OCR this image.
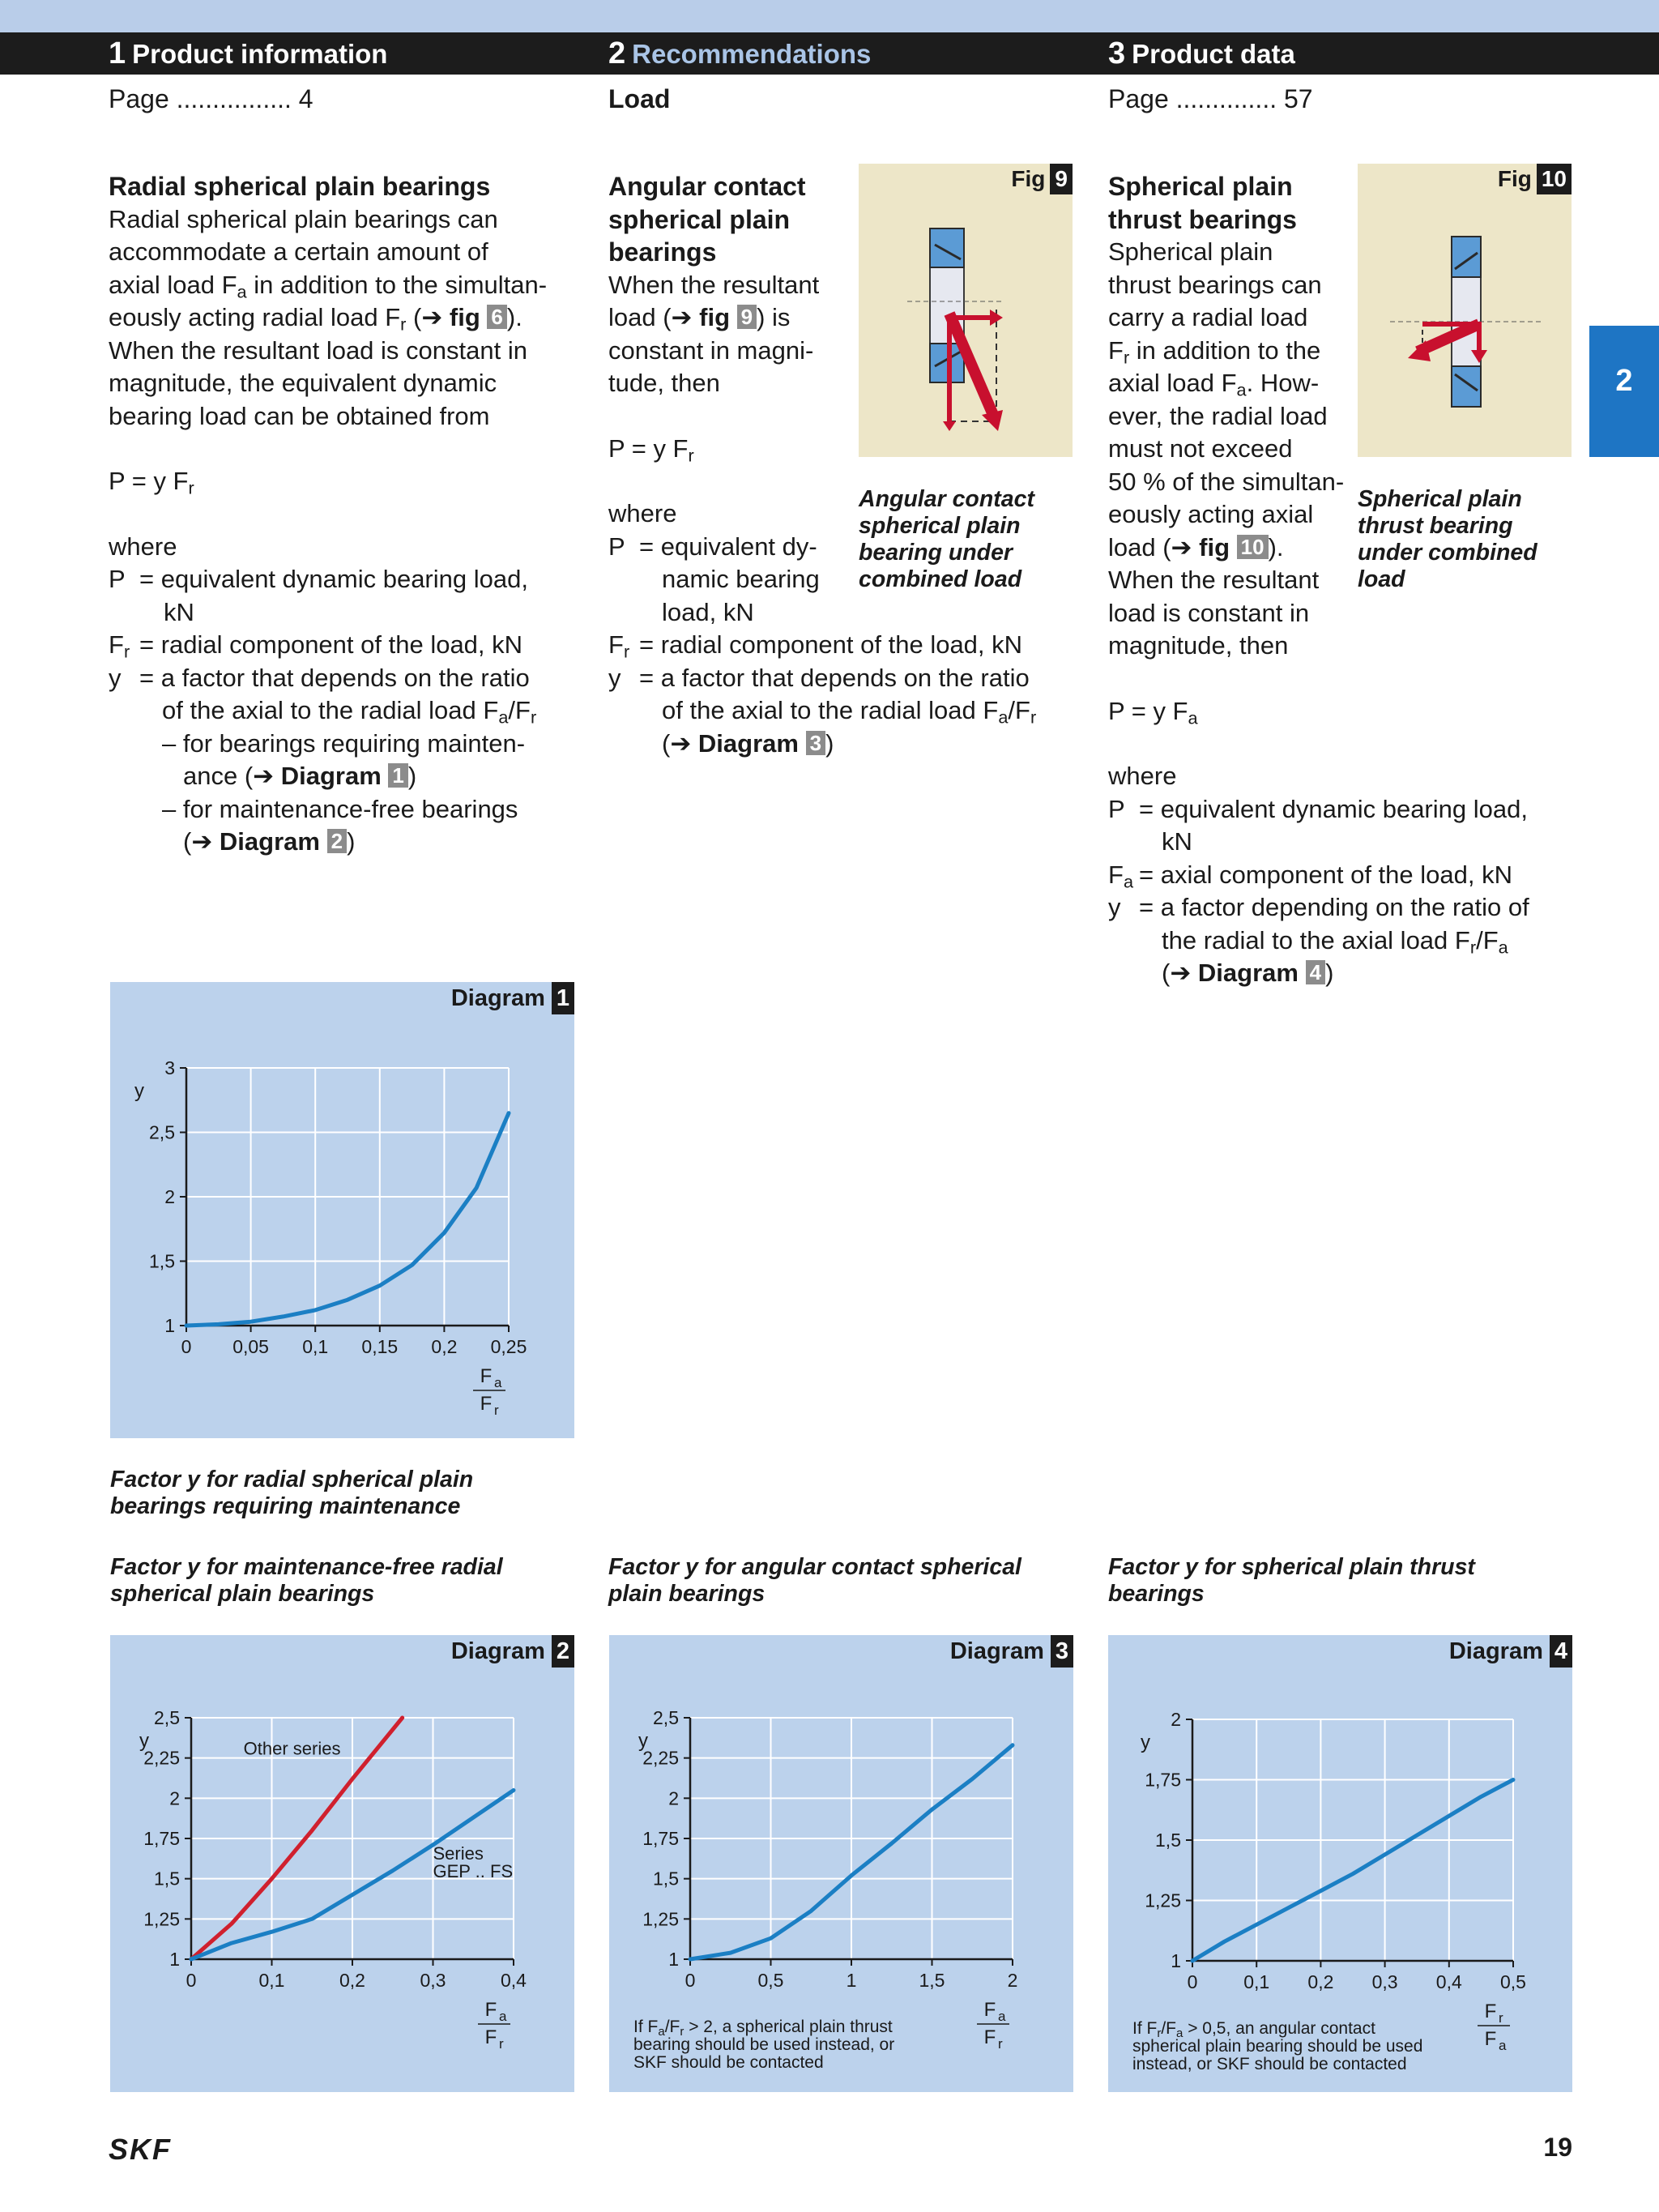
1 Product information	2 Recommendations	3 Product data
Page ................ 4	Load	Page .............. 57
2

Radial spherical plain bearings

Radial spherical plain bearings can

accommodate a certain amount of

axial load $F_a$ in addition to the simultan-

eously acting radial load $F_r$ (➔ fig 6 ).

When the resultant load is constant in

magnitude, the equivalent dynamic

bearing load can be obtained from

P = y $F_r$

where

P = equivalent dynamic bearing load,

kN

$F_r$ = radial component of the load, kN

y = a factor that depends on the ratio

of the axial to the radial load $F_a/F_r$

– for bearings requiring mainten-

ance (➔ Diagram 1 )

– for maintenance-free bearings

(➔ Diagram 2 )

Angular contact

spherical plain

bearings

When the resultant

load (➔ fig 9 ) is

constant in magni-

tude, then

P = y $F_r$

where

P = equivalent dy-

namic bearing

load, kN

$F_r$ = radial component of the load, kN

y = a factor that depends on the ratio

of the axial to the radial load $F_a/F_r$

(➔ Diagram 3 )

Fig 9
Angular contact
spherical plain
bearing under
combined load

Spherical plain

thrust bearings

Spherical plain

thrust bearings can

carry a radial load

$F_r$ in addition to the

axial load $F_a$. How-

ever, the radial load

must not exceed

50 % of the simultan-

eously acting axial

load (➔ fig 10 ).

When the resultant

load is constant in

magnitude, then

P = y $F_a$

where

P = equivalent dynamic bearing load,

kN

$F_a$ = axial component of the load, kN

y = a factor depending on the ratio of

the radial to the axial load $F_r/F_a$

(➔ Diagram 4 )

Fig 10
Spherical plain
thrust bearing
under combined
load
Diagram 1
0 0,05 0,1 0,15 0,2 0,25
1
1,5
2
2,5
3
y
F a
F r
Factor y for radial spherical plain
bearings requiring maintenance
Factor y for maintenance-free radial
spherical plain bearings
Factor y for angular contact spherical
plain bearings
Factor y for spherical plain thrust
bearings
Diagram 2
0	0,1	0,2	0,3	0,4
1
1,25
1,5
1,75
2
2,25
2,5
y
F a
F r
Other series
Series
GEP .. FS
Diagram 3
0	0,5	1	1,5	2
1
1,25
1,5
1,75
2
2,25
2,5
y
F a
F r
If Fa/Fr > 2, a spherical plain thrust
bearing should be used instead, or
SKF should be contacted
Diagram 4
0 0,1 0,2 0,3 0,4 0,5
1
1,25
1,5
1,75
2
y
F r
F a
If Fr/Fa > 0,5, an angular contact
spherical plain bearing should be used
instead, or SKF should be contacted
SKF	19
